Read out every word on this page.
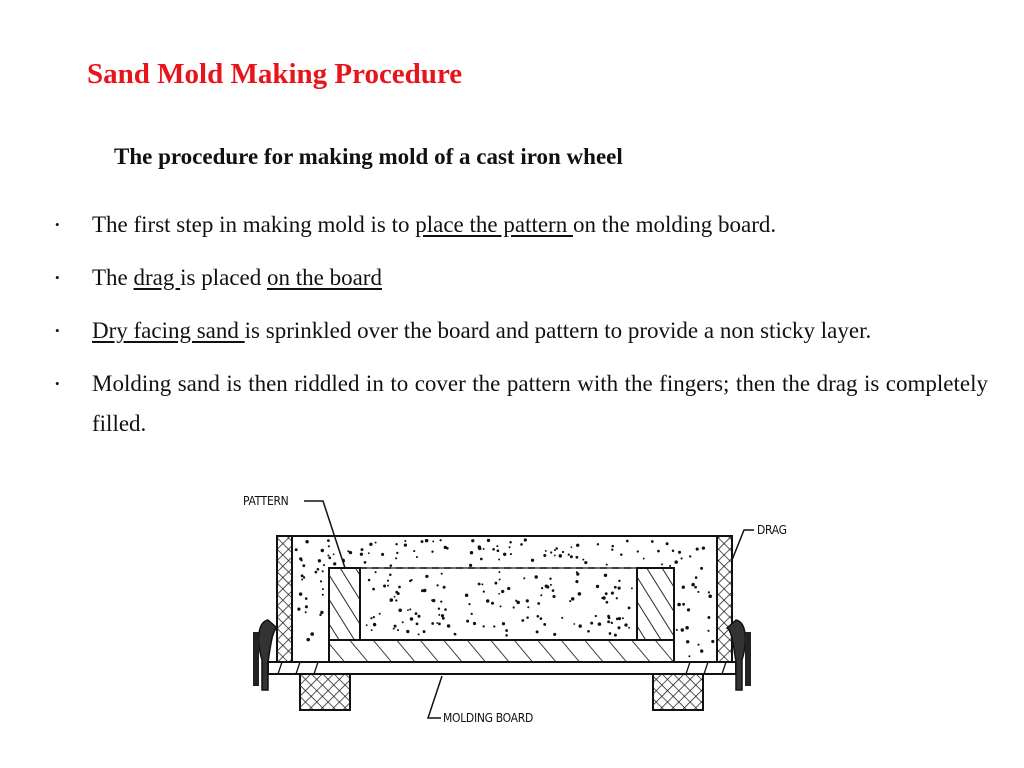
Sand Mold Making Procedure
The procedure for making mold of a cast iron wheel
• The first step in making mold is to place the pattern on the molding board.
• The drag is placed on the board
• Dry facing sand is sprinkled over the board and pattern to provide a non sticky layer.
• Molding sand is then riddled in to cover the pattern with the fingers; then the drag is completely filled.
PATTERN
DRAG
MOLDING BOARD
